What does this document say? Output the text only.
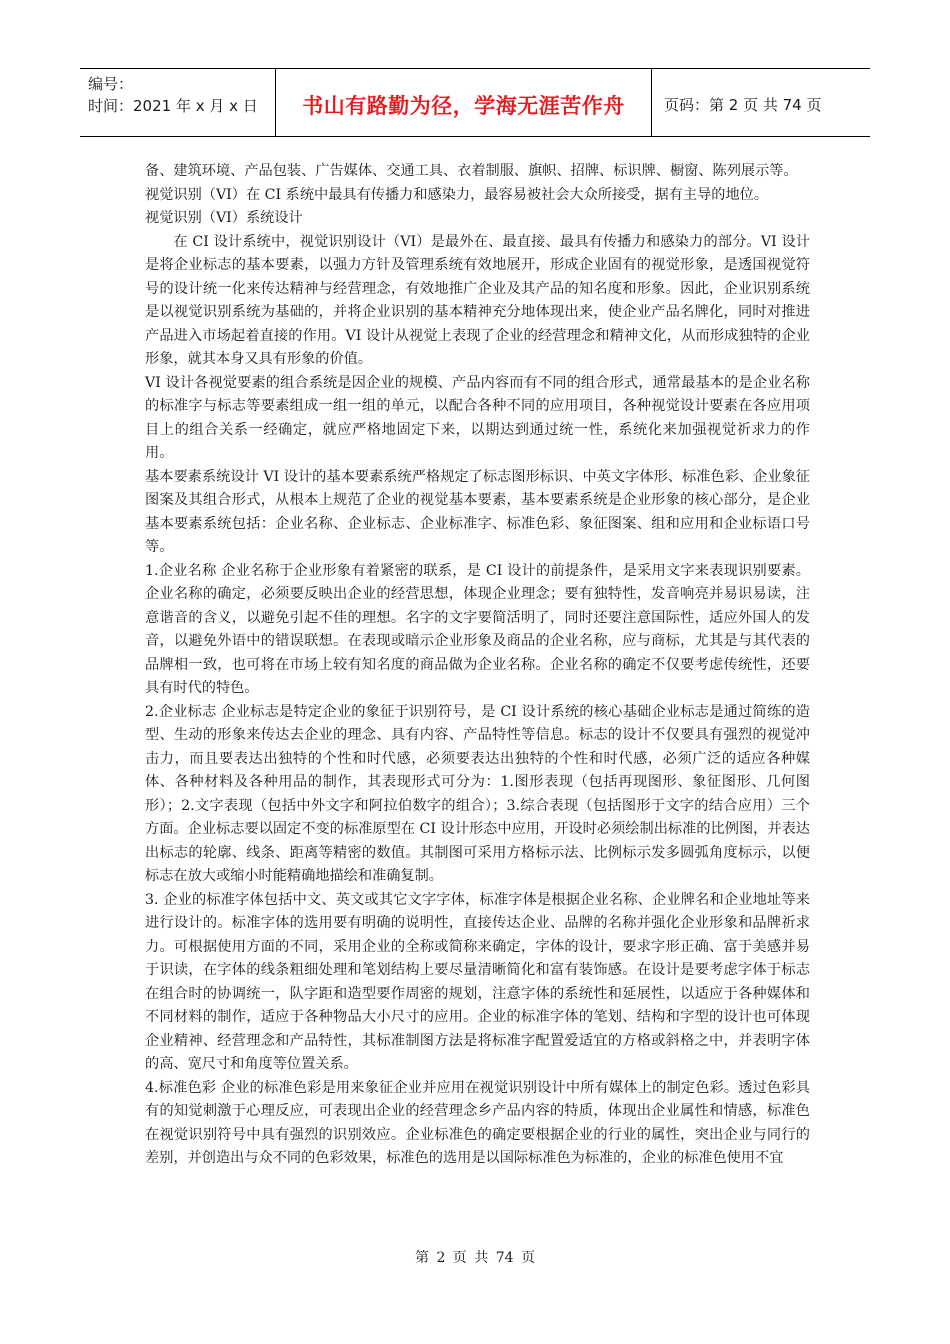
编号：
时间：2021 年 x 月 x 日	书山有路勤为径，学海无涯苦作舟	页码：第 2 页 共 74 页

备、建筑环境、产品包装、广告媒体、交通工具、衣着制服、旗帜、招牌、标识牌、橱窗、陈列展示等。

视觉识别（VI）在 CI 系统中最具有传播力和感染力，最容易被社会大众所接受，据有主导的地位。

视觉识别（VI）系统设计

在 CI 设计系统中，视觉识别设计（VI）是最外在、最直接、最具有传播力和感染力的部分。VI 设计是将企业标志的基本要素，以强力方针及管理系统有效地展开，形成企业固有的视觉形象，是透国视觉符号的设计统一化来传达精神与经营理念，有效地推广企业及其产品的知名度和形象。因此，企业识别系统是以视觉识别系统为基础的，并将企业识别的基本精神充分地体现出来，使企业产品名牌化，同时对推进产品进入市场起着直接的作用。VI 设计从视觉上表现了企业的经营理念和精神文化，从而形成独特的企业形象，就其本身又具有形象的价值。

VI 设计各视觉要素的组合系统是因企业的规模、产品内容而有不同的组合形式，通常最基本的是企业名称的标准字与标志等要素组成一组一组的单元，以配合各种不同的应用项目，各种视觉设计要素在各应用项目上的组合关系一经确定，就应严格地固定下来，以期达到通过统一性，系统化来加强视觉祈求力的作用。

基本要素系统设计 VI 设计的基本要素系统严格规定了标志图形标识、中英文字体形、标准色彩、企业象征图案及其组合形式，从根本上规范了企业的视觉基本要素，基本要素系统是企业形象的核心部分，是企业基本要素系统包括：企业名称、企业标志、企业标准字、标准色彩、象征图案、组和应用和企业标语口号等。

1.企业名称 企业名称于企业形象有着紧密的联系，是 CI 设计的前提条件，是采用文字来表现识别要素。企业名称的确定，必须要反映出企业的经营思想，体现企业理念；要有独特性，发音响亮并易识易读，注意谐音的含义，以避免引起不佳的理想。名字的文字要简活明了，同时还要注意国际性，适应外国人的发音，以避免外语中的错误联想。在表现或暗示企业形象及商品的企业名称，应与商标，尤其是与其代表的品牌相一致，也可将在市场上较有知名度的商品做为企业名称。企业名称的确定不仅要考虑传统性，还要具有时代的特色。

2.企业标志 企业标志是特定企业的象征于识别符号，是 CI 设计系统的核心基础企业标志是通过简练的造型、生动的形象来传达去企业的理念、具有内容、产品特性等信息。标志的设计不仅要具有强烈的视觉冲击力，而且要表达出独特的个性和时代感，必须要表达出独特的个性和时代感，必须广泛的适应各种媒体、各种材料及各种用品的制作，其表现形式可分为：1.图形表现（包括再现图形、象征图形、几何图形）；2.文字表现（包括中外文字和阿拉伯数字的组合）；3.综合表现（包括图形于文字的结合应用）三个方面。企业标志要以固定不变的标准原型在 CI 设计形态中应用，开设时必须绘制出标准的比例图，并表达出标志的轮廓、线条、距离等精密的数值。其制图可采用方格标示法、比例标示发多圆弧角度标示，以便标志在放大或缩小时能精确地描绘和准确复制。

3. 企业的标准字体包括中文、英文或其它文字字体，标准字体是根据企业名称、企业牌名和企业地址等来进行设计的。标准字体的选用要有明确的说明性，直接传达企业、品牌的名称并强化企业形象和品牌祈求力。可根据使用方面的不同，采用企业的全称或简称来确定，字体的设计，要求字形正确、富于美感并易于识读，在字体的线条粗细处理和笔划结构上要尽量清晰简化和富有装饰感。在设计是要考虑字体于标志在组合时的协调统一，队字距和造型要作周密的规划，注意字体的系统性和延展性，以适应于各种媒体和不同材料的制作，适应于各种物品大小尺寸的应用。企业的标准字体的笔划、结构和字型的设计也可体现企业精神、经营理念和产品特性，其标准制图方法是将标准字配置爱适宜的方格或斜格之中，并表明字体的高、宽尺寸和角度等位置关系。

4.标准色彩 企业的标准色彩是用来象征企业并应用在视觉识别设计中所有媒体上的制定色彩。透过色彩具有的知觉刺激于心理反应，可表现出企业的经营理念乡产品内容的特质，体现出企业属性和情感，标准色在视觉识别符号中具有强烈的识别效应。企业标准色的确定要根据企业的行业的属性，突出企业与同行的差别，并创造出与众不同的色彩效果，标准色的选用是以国际标准色为标准的，企业的标准色使用不宜

第 2 页 共 74 页
